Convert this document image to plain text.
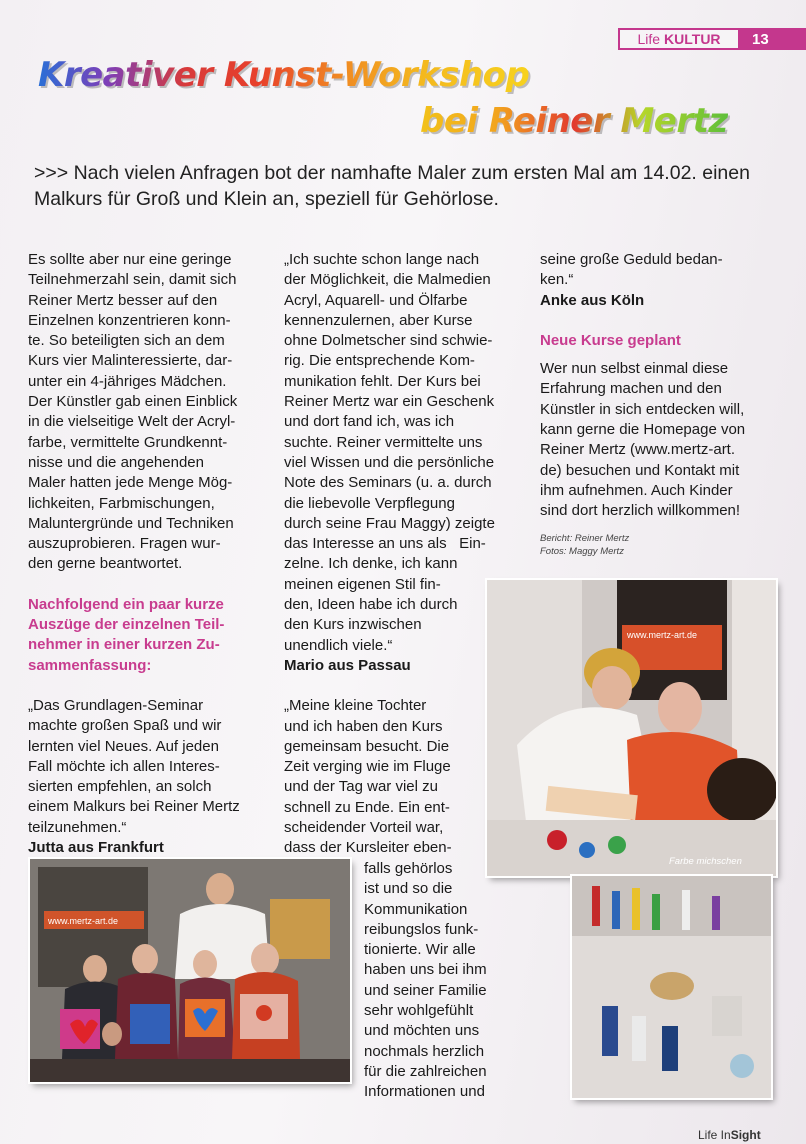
Life KULTUR	13
Kreativer Kunst-Workshop
bei Reiner Mertz
>>> Nach vielen Anfragen bot der namhafte Maler zum ersten Mal am 14.02. einen Malkurs für Groß und Klein an, speziell für Gehörlose.
Es sollte aber nur eine geringe
Teilnehmerzahl sein, damit sich
Reiner Mertz besser auf den
Einzelnen konzentrieren konn-
te. So beteiligten sich an dem
Kurs vier Malinteressierte, dar-
unter ein 4-jähriges Mädchen.
Der Künstler gab einen Einblick
in die vielseitige Welt der Acryl-
farbe, vermittelte Grundkennt-
nisse und die angehenden
Maler hatten jede Menge Mög-
lichkeiten, Farbmischungen,
Maluntergründe und Techniken
auszuprobieren. Fragen wur-
den gerne beantwortet.
Nachfolgend ein paar kurze
Auszüge der einzelnen Teil-
nehmer in einer kurzen Zu-
sammenfassung:
„Das Grundlagen-Seminar
machte großen Spaß und wir
lernten viel Neues. Auf jeden
Fall möchte ich allen Interes-
sierten empfehlen, an solch
einem Malkurs bei Reiner Mertz
teilzunehmen.“
Jutta aus Frankfurt
„Ich suchte schon lange nach
der Möglichkeit, die Malmedien
Acryl, Aquarell- und Ölfarbe
kennenzulernen, aber Kurse
ohne Dolmetscher sind schwie-
rig. Die entsprechende Kom-
munikation fehlt. Der Kurs bei
Reiner Mertz war ein Geschenk
und dort fand ich, was ich
suchte. Reiner vermittelte uns
viel Wissen und die persönliche
Note des Seminars (u. a. durch
die liebevolle Verpflegung
durch seine Frau Maggy) zeigte
das Interesse an uns als   Ein-
zelne. Ich denke, ich kann
meinen eigenen Stil fin-
den, Ideen habe ich durch
den Kurs inzwischen
unendlich viele.“
Mario aus Passau
„Meine kleine Tochter
und ich haben den Kurs
gemeinsam besucht. Die
Zeit verging wie im Fluge
und der Tag war viel zu
schnell zu Ende. Ein ent-
scheidender Vorteil war,
dass der Kursleiter eben-
falls gehörlos
ist und so die
Kommunikation
reibungslos funk-
tionierte. Wir alle
haben uns bei ihm
und seiner Familie
sehr wohlgefühlt
und möchten uns
nochmals herzlich
für die zahlreichen
Informationen und
seine große Geduld bedan-
ken.“
Anke aus Köln
Neue Kurse geplant
Wer nun selbst einmal diese
Erfahrung machen und den
Künstler in sich entdecken will,
kann gerne die Homepage von
Reiner Mertz (www.mertz-art.
de) besuchen und Kontakt mit
ihm aufnehmen. Auch Kinder
sind dort herzlich willkommen!
Bericht: Reiner Mertz
Fotos: Maggy Mertz
www.mertz-art.de
Farbe michschen
www.mertz-art.de
Life InSight
